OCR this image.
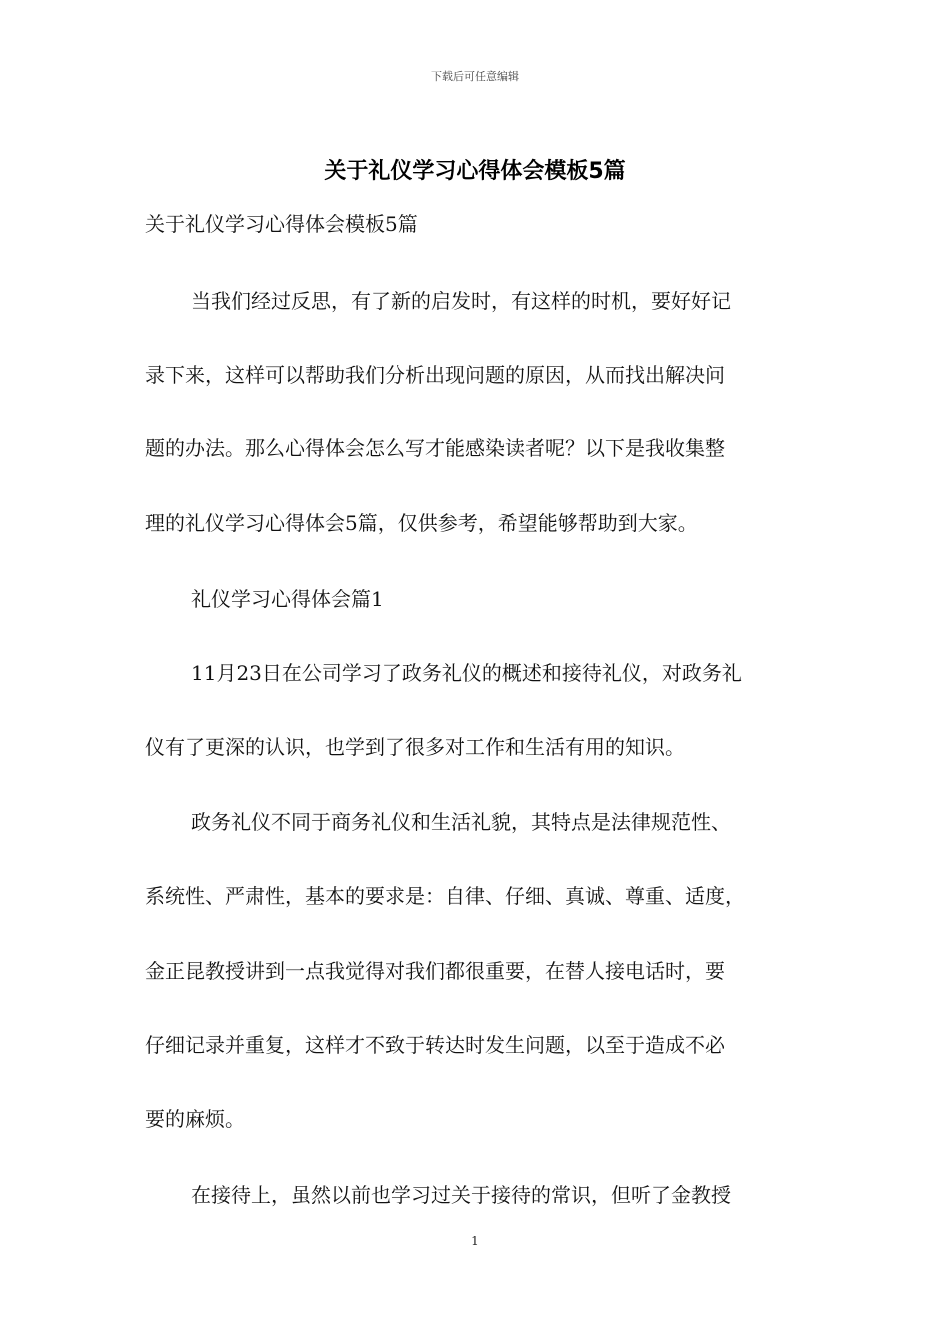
下载后可任意编辑
关于礼仪学习心得体会模板5篇
关于礼仪学习心得体会模板5篇
当我们经过反思，有了新的启发时，有这样的时机，要好好记
录下来，这样可以帮助我们分析出现问题的原因，从而找出解决问
题的办法。那么心得体会怎么写才能感染读者呢？以下是我收集整
理的礼仪学习心得体会5篇，仅供参考，希望能够帮助到大家。
礼仪学习心得体会篇1
11月23日在公司学习了政务礼仪的概述和接待礼仪，对政务礼
仪有了更深的认识，也学到了很多对工作和生活有用的知识。
政务礼仪不同于商务礼仪和生活礼貌，其特点是法律规范性、
系统性、严肃性，基本的要求是：自律、仔细、真诚、尊重、适度，
金正昆教授讲到一点我觉得对我们都很重要，在替人接电话时，要
仔细记录并重复，这样才不致于转达时发生问题，以至于造成不必
要的麻烦。
在接待上，虽然以前也学习过关于接待的常识，但听了金教授
1
